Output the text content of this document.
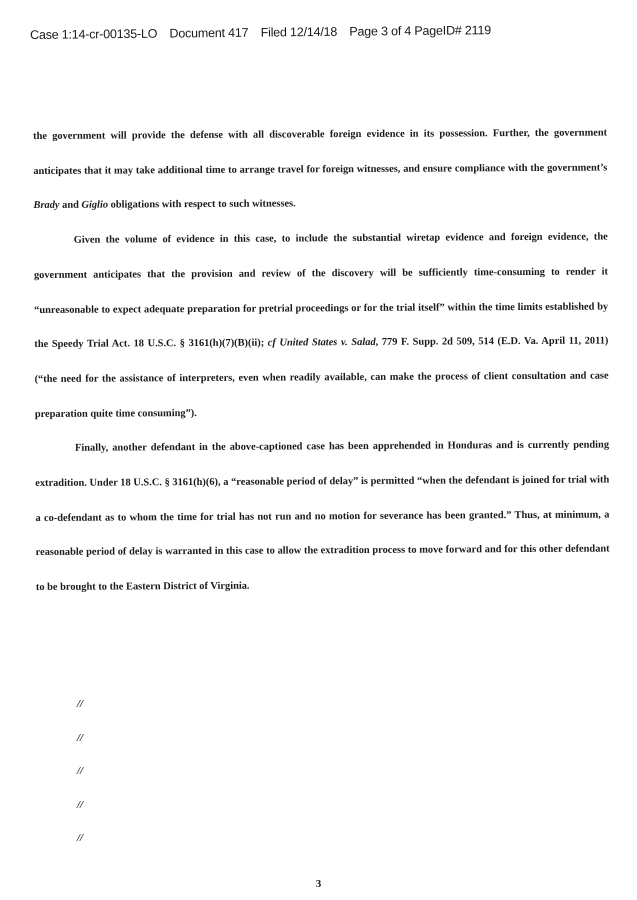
Case 1:14-cr-00135-LO Document 417 Filed 12/14/18 Page 3 of 4 PageID# 2119

the government will provide the defense with all discoverable foreign evidence in its possession. Further, the government anticipates that it may take additional time to arrange travel for foreign witnesses, and ensure compliance with the government’s Brady and Giglio obligations with respect to such witnesses.

Given the volume of evidence in this case, to include the substantial wiretap evidence and foreign evidence, the government anticipates that the provision and review of the discovery will be sufficiently time-consuming to render it “unreasonable to expect adequate preparation for pretrial proceedings or for the trial itself” within the time limits established by the Speedy Trial Act. 18 U.S.C. § 3161(h)(7)(B)(ii); cf United States v. Salad, 779 F. Supp. 2d 509, 514 (E.D. Va. April 11, 2011) (“the need for the assistance of interpreters, even when readily available, can make the process of client consultation and case preparation quite time consuming”).

Finally, another defendant in the above-captioned case has been apprehended in Honduras and is currently pending extradition. Under 18 U.S.C. § 3161(h)(6), a “reasonable period of delay” is permitted “when the defendant is joined for trial with a co-defendant as to whom the time for trial has not run and no motion for severance has been granted.” Thus, at minimum, a reasonable period of delay is warranted in this case to allow the extradition process to move forward and for this other defendant to be brought to the Eastern District of Virginia.

//
//
//
//
//
3
